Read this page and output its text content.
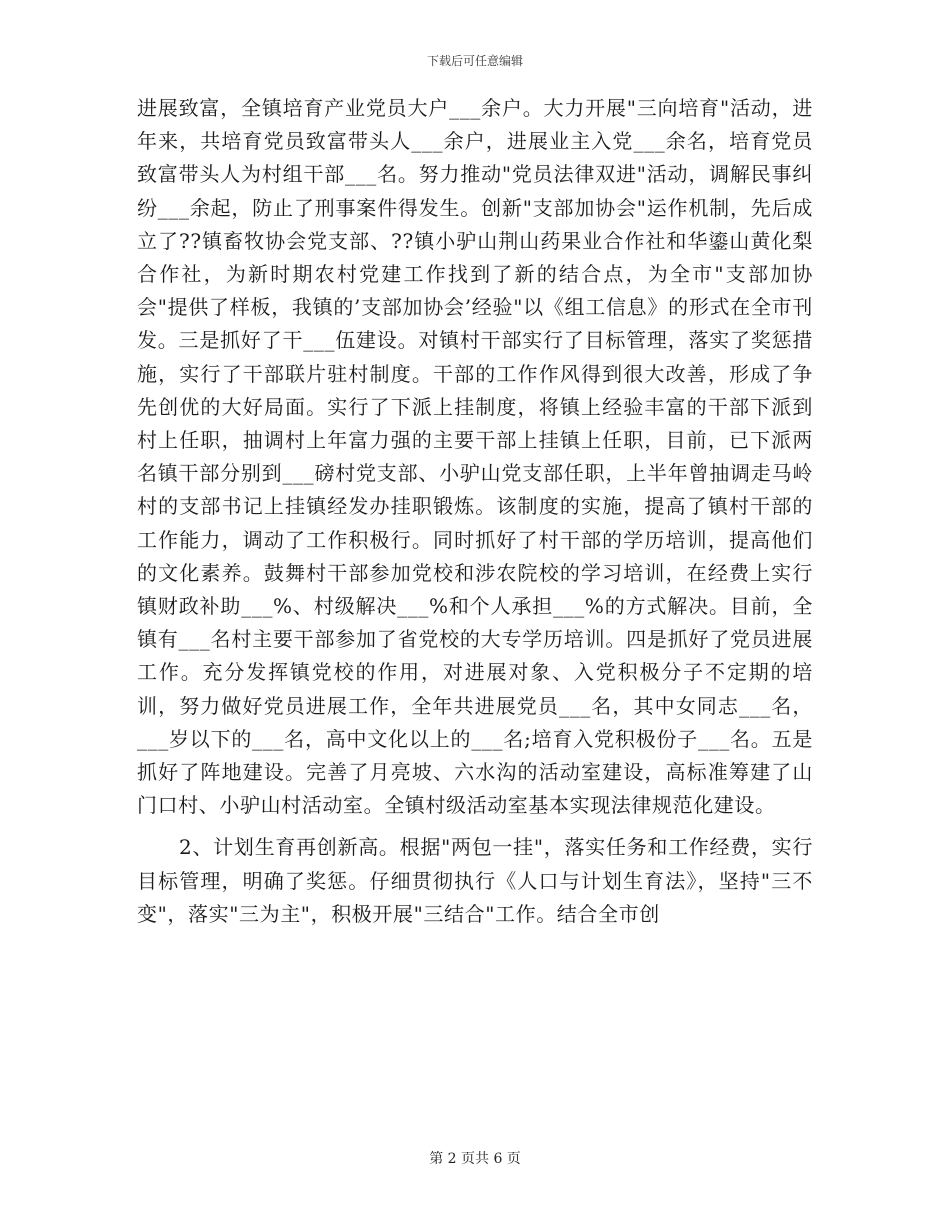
下载后可任意编辑

进展致富，全镇培育产业党员大户___余户。大力开展"三向培育"活动，进年来，共培育党员致富带头人___余户，进展业主入党___余名，培育党员致富带头人为村组干部___名。努力推动"党员法律双进"活动，调解民事纠纷___余起，防止了刑事案件得发生。创新"支部加协会"运作机制，先后成立了??镇畜牧协会党支部、??镇小驴山荆山药果业合作社和华鎏山黄化梨合作社，为新时期农村党建工作找到了新的结合点，为全市"支部加协会"提供了样板，我镇的’支部加协会’经验"以《组工信息》的形式在全市刊发。三是抓好了干___伍建设。对镇村干部实行了目标管理，落实了奖惩措施，实行了干部联片驻村制度。干部的工作作风得到很大改善，形成了争先创优的大好局面。实行了下派上挂制度，将镇上经验丰富的干部下派到村上任职，抽调村上年富力强的主要干部上挂镇上任职，目前，已下派两名镇干部分别到___磅村党支部、小驴山党支部任职，上半年曾抽调走马岭村的支部书记上挂镇经发办挂职锻炼。该制度的实施，提高了镇村干部的工作能力，调动了工作积极行。同时抓好了村干部的学历培训，提高他们的文化素养。鼓舞村干部参加党校和涉农院校的学习培训，在经费上实行镇财政补助___%、村级解决___%和个人承担___%的方式解决。目前，全镇有___名村主要干部参加了省党校的大专学历培训。四是抓好了党员进展工作。充分发挥镇党校的作用，对进展对象、入党积极分子不定期的培训，努力做好党员进展工作，全年共进展党员___名，其中女同志___名，___岁以下的___名，高中文化以上的___名;培育入党积极份子___名。五是抓好了阵地建设。完善了月亮坡、六水沟的活动室建设，高标准筹建了山门口村、小驴山村活动室。全镇村级活动室基本实现法律规范化建设。

2、计划生育再创新高。根据"两包一挂"，落实任务和工作经费，实行目标管理，明确了奖惩。仔细贯彻执行《人口与计划生育法》，坚持"三不变"，落实"三为主"，积极开展"三结合"工作。结合全市创

第 2 页共 6 页
